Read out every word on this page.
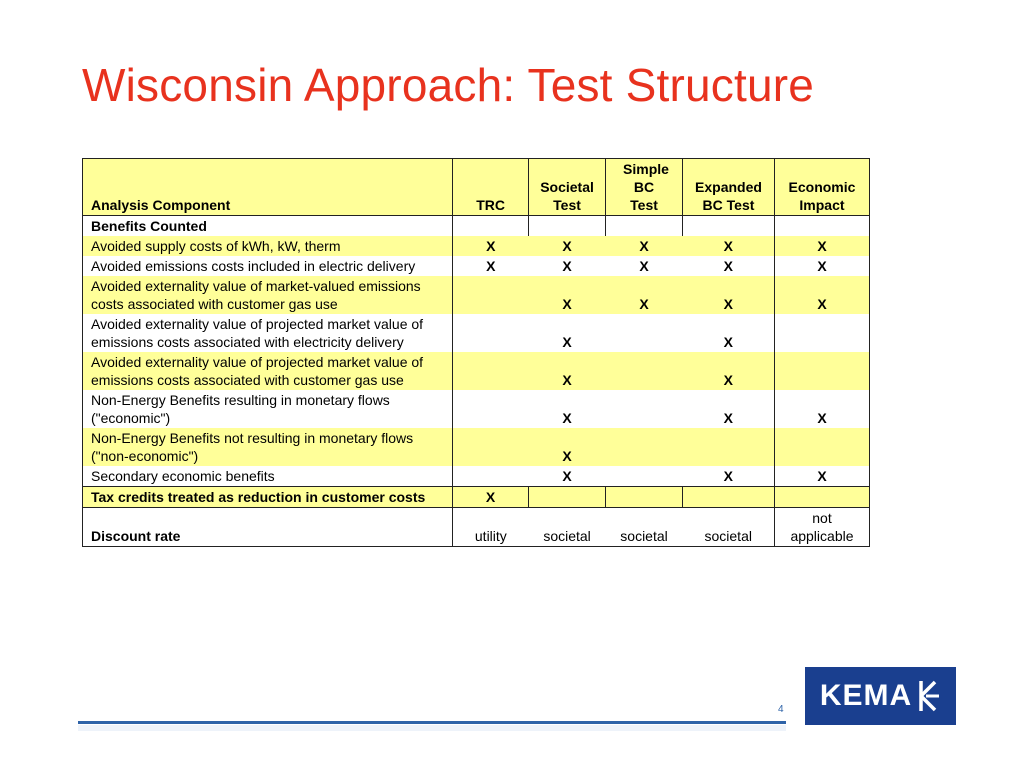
Wisconsin Approach: Test Structure
Analysis Component	TRC	Societal Test	Simple BC Test	Expanded BC Test	Economic Impact
Benefits Counted					
Avoided supply costs of kWh, kW, therm	X	X	X	X	X
Avoided emissions costs included in electric delivery	X	X	X	X	X
Avoided externality value of market-valued emissions costs associated with customer gas use		X	X	X	X
Avoided externality value of projected market value of emissions costs associated with electricity delivery		X		X	
Avoided externality value of projected market value of emissions costs associated with customer gas use		X		X	
Non-Energy Benefits resulting in monetary flows ("economic")		X		X	X
Non-Energy Benefits not resulting in monetary flows ("non-economic")		X			
Secondary economic benefits		X		X	X
Tax credits treated as reduction in customer costs	X				
Discount rate	utility	societal	societal	societal	not applicable
4 KEMA
